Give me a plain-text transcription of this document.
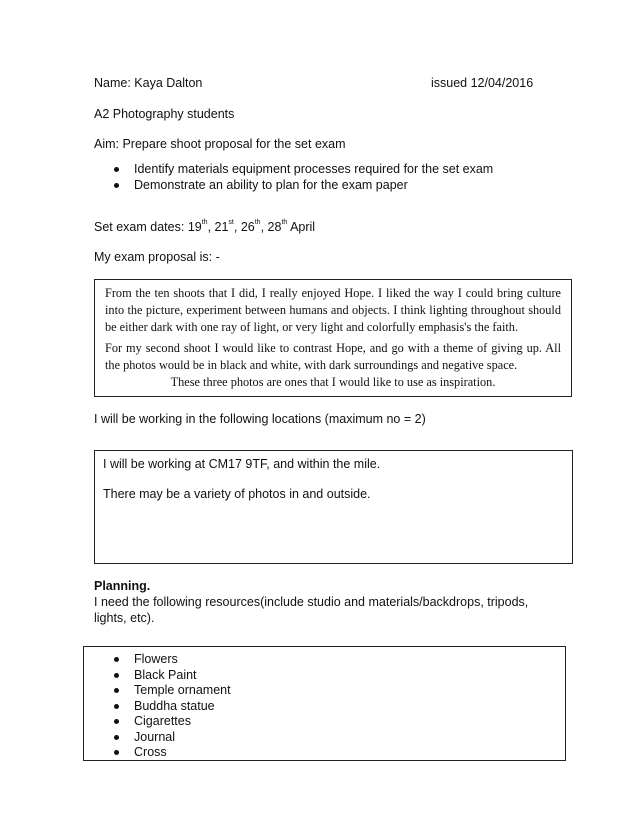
Name: Kaya Dalton	issued 12/04/2016
A2 Photography students
Aim: Prepare shoot proposal for the set exam
Identify materials equipment processes required for the set exam
Demonstrate an ability to plan for the exam paper
Set exam dates: 19th, 21st, 26th, 28th April
My exam proposal is: -

From the ten shoots that I did, I really enjoyed Hope. I liked the way I could bring culture into the picture, experiment between humans and objects. I think lighting throughout should be either dark with one ray of light, or very light and colorfully emphasis's the faith.

For my second shoot I would like to contrast Hope, and go with a theme of giving up. All the photos would be in black and white, with dark surroundings and negative space.

These three photos are ones that I would like to use as inspiration.

I will be working in the following locations (maximum no = 2)

I will be working at CM17 9TF, and within the mile.

There may be a variety of photos in and outside.

Planning.
I need the following resources(include studio and materials/backdrops, tripods,
lights, etc).
Flowers
Black Paint
Temple ornament
Buddha statue
Cigarettes
Journal
Cross
